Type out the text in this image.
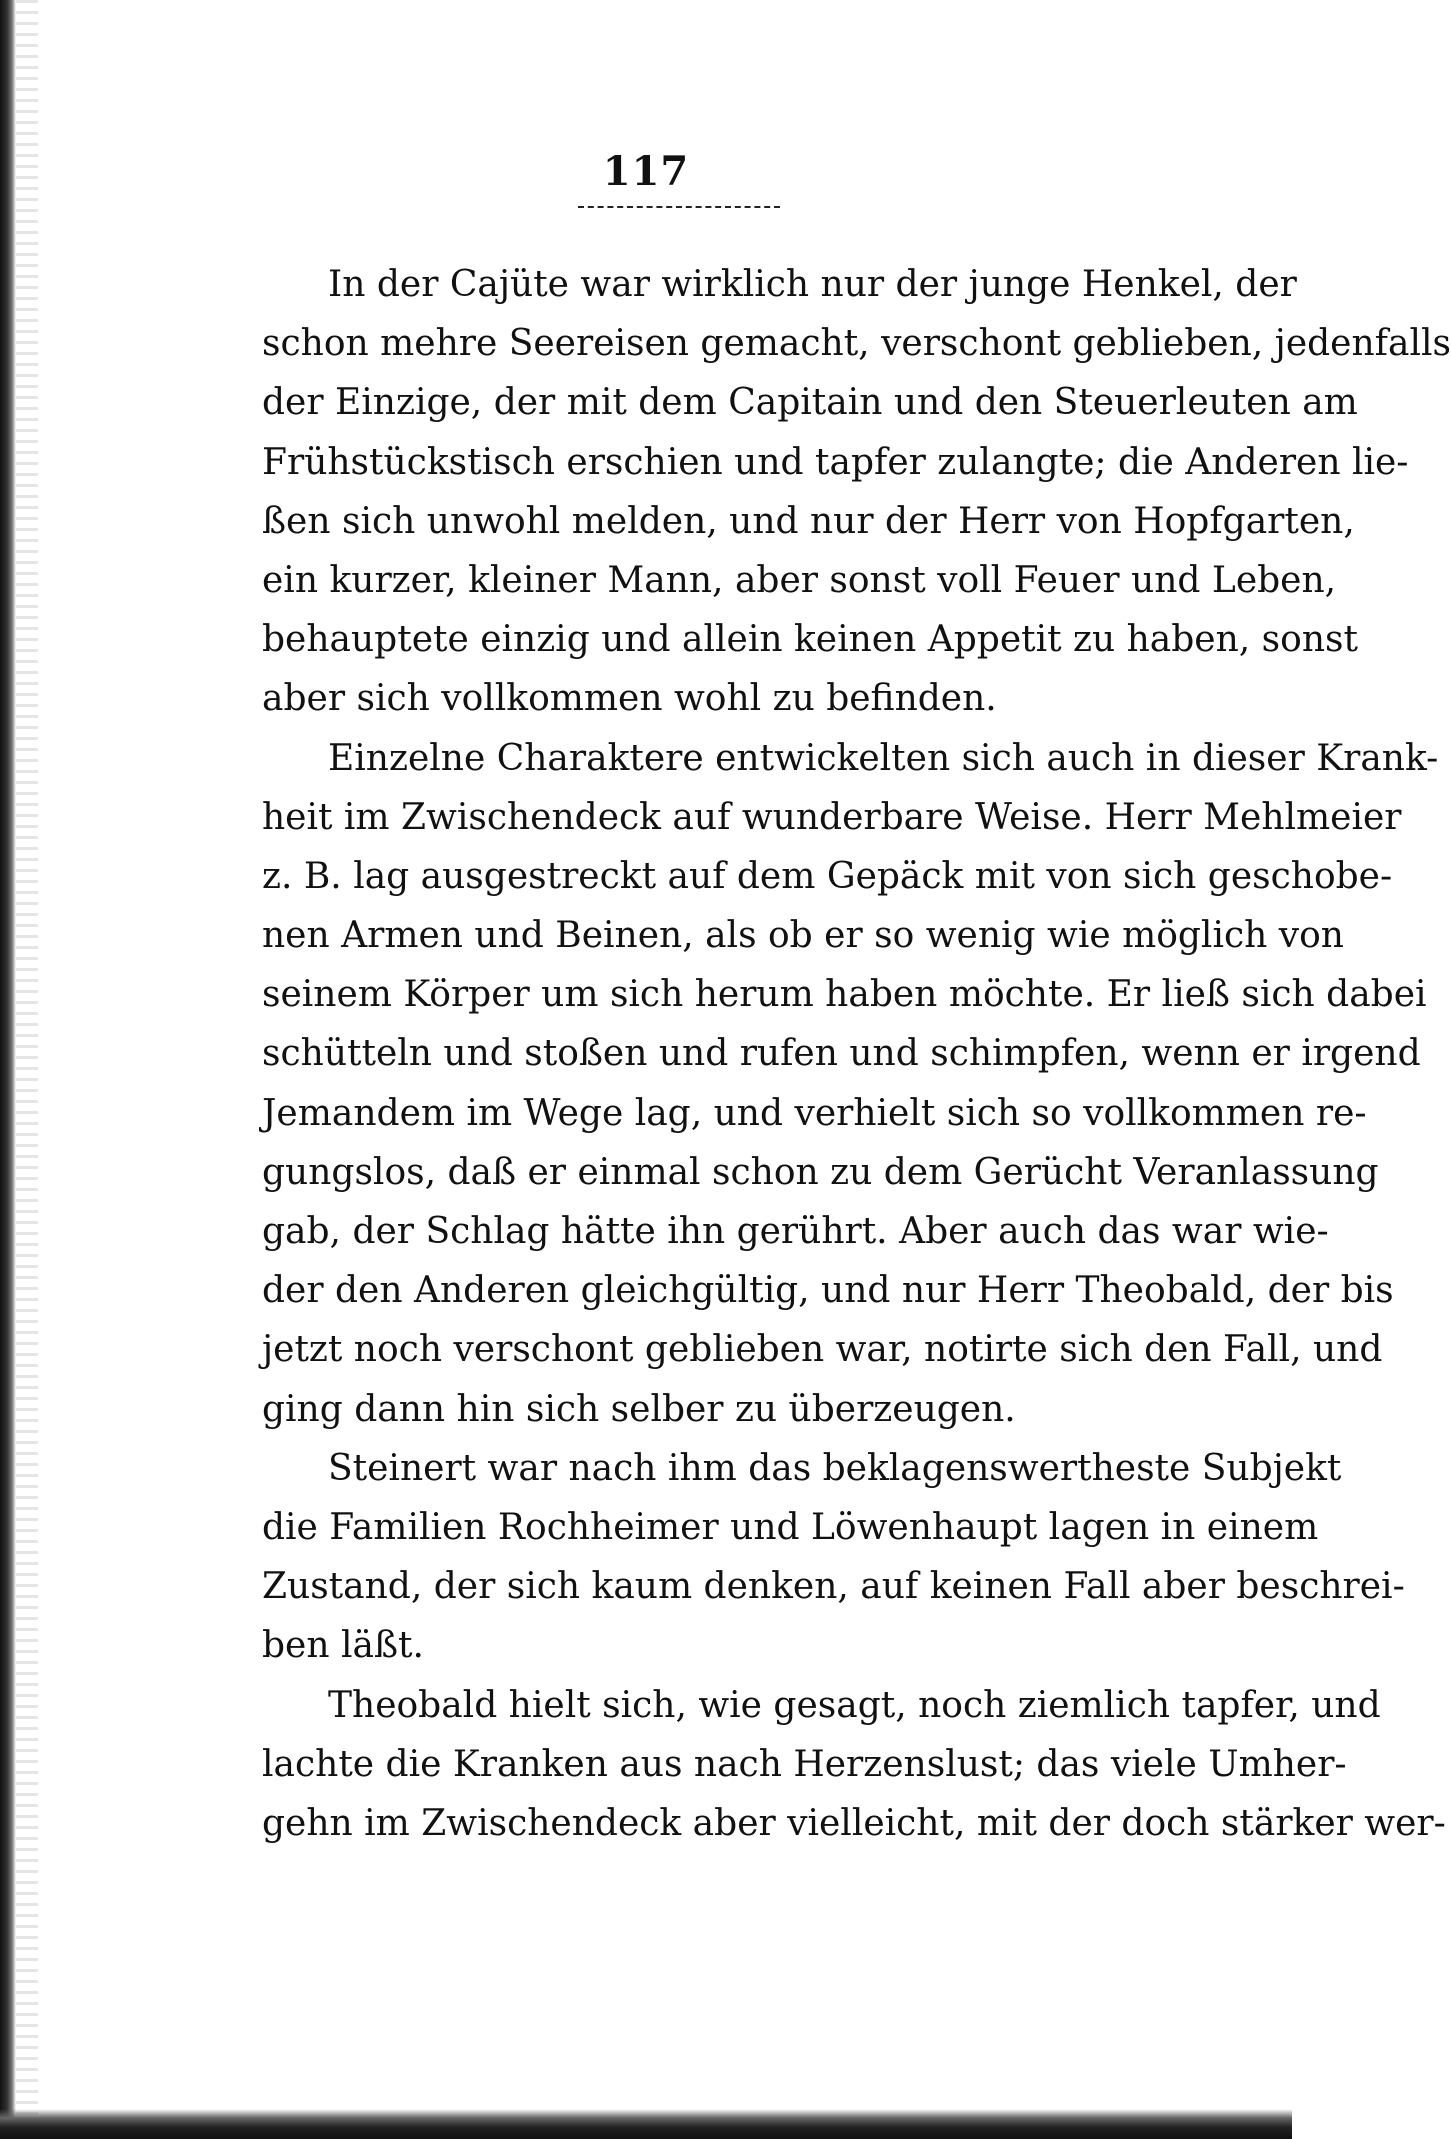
117
In der Cajüte war wirklich nur der junge Henkel, der
schon mehre Seereisen gemacht, verschont geblieben, jedenfalls
der Einzige, der mit dem Capitain und den Steuerleuten am
Frühstückstisch erschien und tapfer zulangte; die Anderen lie-
ßen sich unwohl melden, und nur der Herr von Hopfgarten,
ein kurzer, kleiner Mann, aber sonst voll Feuer und Leben,
behauptete einzig und allein keinen Appetit zu haben, sonst
aber sich vollkommen wohl zu befinden.
Einzelne Charaktere entwickelten sich auch in dieser Krank-
heit im Zwischendeck auf wunderbare Weise. Herr Mehlmeier
z. B. lag ausgestreckt auf dem Gepäck mit von sich geschobe-
nen Armen und Beinen, als ob er so wenig wie möglich von
seinem Körper um sich herum haben möchte. Er ließ sich dabei
schütteln und stoßen und rufen und schimpfen, wenn er irgend
Jemandem im Wege lag, und verhielt sich so vollkommen re-
gungslos, daß er einmal schon zu dem Gerücht Veranlassung
gab, der Schlag hätte ihn gerührt. Aber auch das war wie-
der den Anderen gleichgültig, und nur Herr Theobald, der bis
jetzt noch verschont geblieben war, notirte sich den Fall, und
ging dann hin sich selber zu überzeugen.
Steinert war nach ihm das beklagenswertheste Subjekt
die Familien Rochheimer und Löwenhaupt lagen in einem
Zustand, der sich kaum denken, auf keinen Fall aber beschrei-
ben läßt.
Theobald hielt sich, wie gesagt, noch ziemlich tapfer, und
lachte die Kranken aus nach Herzenslust; das viele Umher-
gehn im Zwischendeck aber vielleicht, mit der doch stärker wer-
